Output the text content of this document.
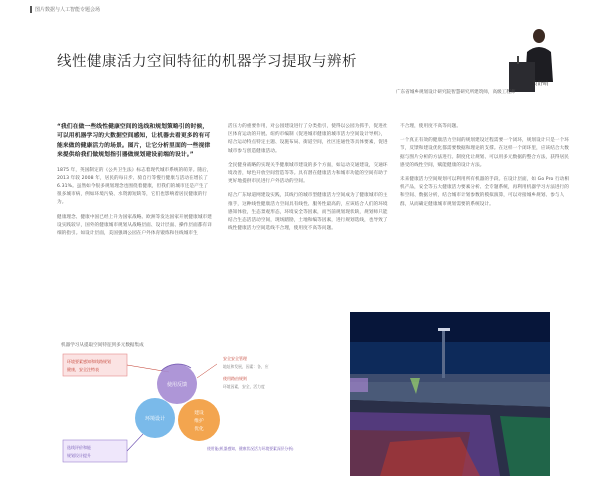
图片数据与人工智能专题会场
线性健康活力空间特征的机器学习提取与辨析
黄舒晴
广东省城乡规划设计研究院智慧研究所建筑师，高级工程师

“我们在做一些线性健康空间的选线和规划策略引的时候，可以用机器学习的大数据空间感知，让机器去看更多的有可能来做的健康活力的场景。图片，让它分析里面的一些视律来提供给我们做规划指引器做规划建设前端的设计。”

1875 年，英国制定的《公共卫生法》标志着现代城市系统的萌芽。随后，2013 年较 2008 年，居民的每日步、骑自行等慢行健康与活动在增长了 6.31%。虽然如今很多规划理念也围绕着健康，但我们的城市还是产生了很多城市病，例如环境污染、水资源短缺等，它们也影响着居民健康的行为。

健康理念、健康中国已经上升为国家战略。欧洲等发达国家开展健康城市建设实践较早，国外的健康城市规划从战略层面、设计层面、操作层面都有详细的指引。如设计层面，美国强调公园在户外体育锻炼和住线城市生

活压力的重要作用，对公园建设进行了分类指引，使得以公园为抓手，促进社区体育运动的开展。纽约市编制《促进城市健康的城市活力空间设计导则》，结合运动特点特定主题、设施布局、街道空间，社区连通性等具体要素，促进城市参与创造健康活动。

全民健身战略的实现关乎健康城市建设的多个方面，如运动交通建设，交通环境改善，绿色开放空间营造等等。具有潜在健康活力和城市功能的空间有助于更好地提供市民进行户外活动的空间。

结合广东绿道网建设实践，其线行的城市型健康活力空间成为了健康城市的主推手，这种线性健康活力空间具有线性、服务性最高的，应该结合人们的环境感知体验，生态景观形态，环境安全等因素，而当前规划现状缺，规划师只能结合生态活活动空间，现场踏勘，土地和编等因素，进行规划选线，也导致了线性健康活力空间选线不合理，使用度不高等问题。

不合理，使用度不高等问题。

一个真正有效的健康活力空间的规划建设过程需要一个闭环，规划设计只是一个环节，反馈和建设优化都需要数据和理论的支撑。在这样一个闭环里，应该结合大数据与图片分析的方法进行。制度化让规划、可以用多元数据的整合方法，获得居民感受的线性空间，赋能健康的设计方法。

未来健康活力空间规划可以利用所有机器的手段。在设计层面，如 Go Pro 行动相机产品，安全等五大健康活力要素分析、全专题系统，再利用机器学习方法进行的和空间、数据分析，结合城市计划参数的模拟演算，可以对接城乡规划、参与人群，从而确定健康城市规划需要的系统设计。

机器学习从提取空间特征到多元数据集成
环境要素感知和线路规划
健康，安全注特表
使用反馈
环境设计
建设
维护
优化
选线评价和能
规划设计提升
安全安全管理
地址和发展，因素：各，应
使用路由规则
环境因素，安全，活力度
使用能(机器感知，健康状况活力环境要素深层分析)
